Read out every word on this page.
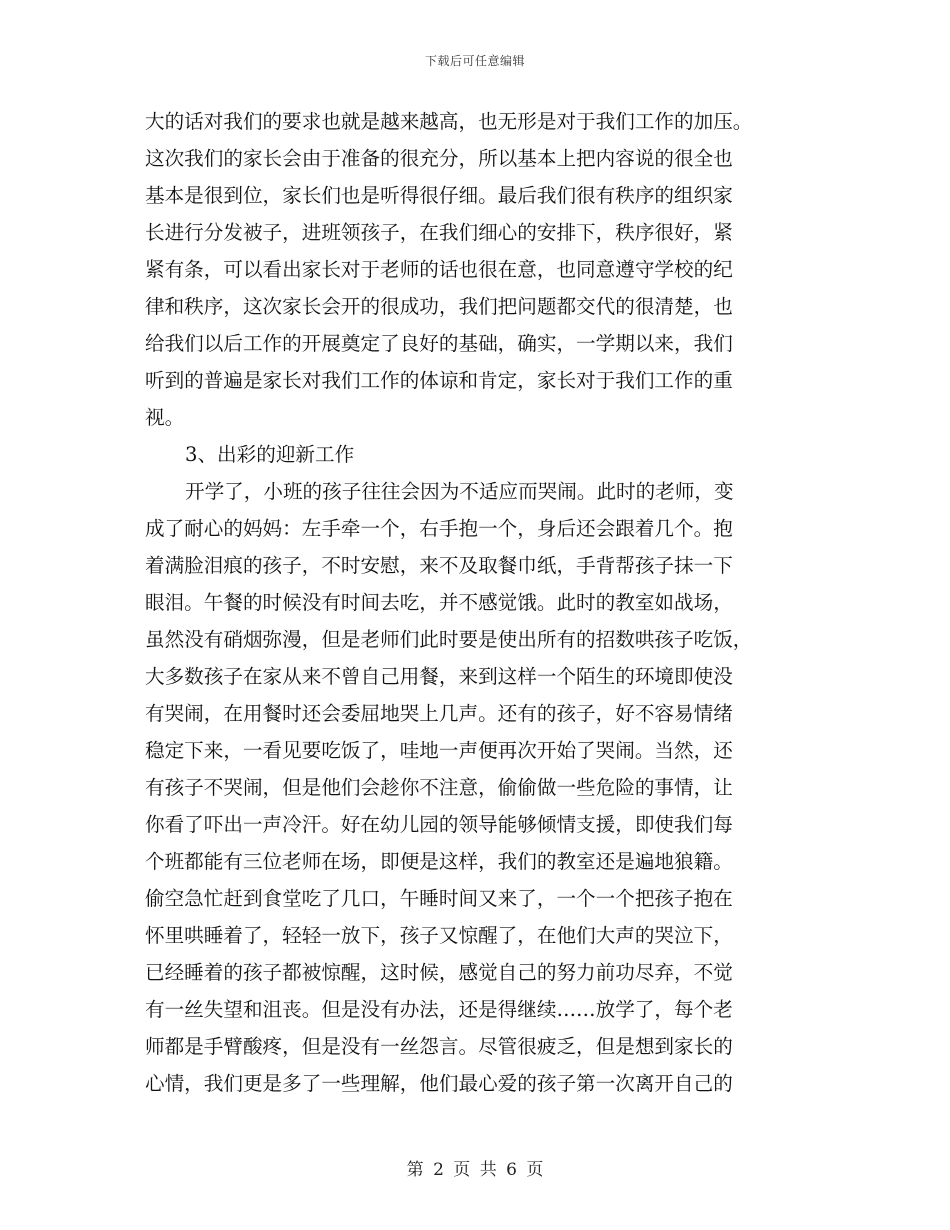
下载后可任意编辑
大的话对我们的要求也就是越来越高，也无形是对于我们工作的加压。
这次我们的家长会由于准备的很充分，所以基本上把内容说的很全也
基本是很到位，家长们也是听得很仔细。最后我们很有秩序的组织家
长进行分发被子，进班领孩子，在我们细心的安排下，秩序很好，紧
紧有条，可以看出家长对于老师的话也很在意，也同意遵守学校的纪
律和秩序，这次家长会开的很成功，我们把问题都交代的很清楚，也
给我们以后工作的开展奠定了良好的基础，确实，一学期以来，我们
听到的普遍是家长对我们工作的体谅和肯定，家长对于我们工作的重
视。
3、出彩的迎新工作
开学了，小班的孩子往往会因为不适应而哭闹。此时的老师，变
成了耐心的妈妈：左手牵一个，右手抱一个，身后还会跟着几个。抱
着满脸泪痕的孩子，不时安慰，来不及取餐巾纸，手背帮孩子抹一下
眼泪。午餐的时候没有时间去吃，并不感觉饿。此时的教室如战场，
虽然没有硝烟弥漫，但是老师们此时要是使出所有的招数哄孩子吃饭，
大多数孩子在家从来不曾自己用餐，来到这样一个陌生的环境即使没
有哭闹，在用餐时还会委屈地哭上几声。还有的孩子，好不容易情绪
稳定下来，一看见要吃饭了，哇地一声便再次开始了哭闹。当然，还
有孩子不哭闹，但是他们会趁你不注意，偷偷做一些危险的事情，让
你看了吓出一声冷汗。好在幼儿园的领导能够倾情支援，即使我们每
个班都能有三位老师在场，即便是这样，我们的教室还是遍地狼籍。
偷空急忙赶到食堂吃了几口，午睡时间又来了，一个一个把孩子抱在
怀里哄睡着了，轻轻一放下，孩子又惊醒了，在他们大声的哭泣下，
已经睡着的孩子都被惊醒，这时候，感觉自己的努力前功尽弃，不觉
有一丝失望和沮丧。但是没有办法，还是得继续……放学了，每个老
师都是手臂酸疼，但是没有一丝怨言。尽管很疲乏，但是想到家长的
心情，我们更是多了一些理解，他们最心爱的孩子第一次离开自己的
第 2 页 共 6 页
